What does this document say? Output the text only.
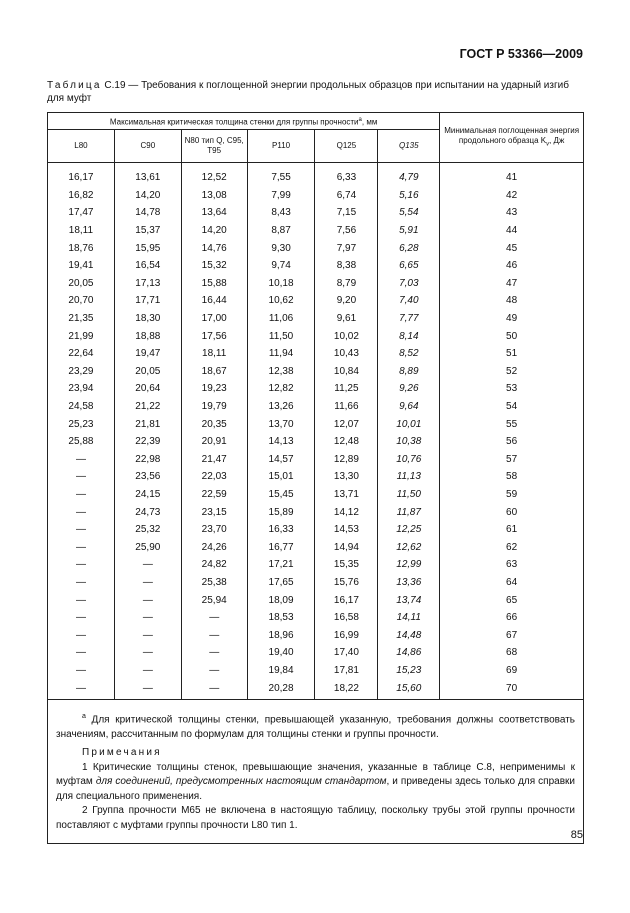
ГОСТ Р 53366—2009
Таблица С.19 — Требования к поглощенной энергии продольных образцов при испытании на ударный изгиб для муфт
Максимальная критическая толщина стенки для группы прочности$^a$, мм						Минимальная поглощенная энергия продольного образца $K_v$, Дж
L80	C90	N80 тип Q, C95, T95	P110	Q125	Q135	
16,17	13,61	12,52	7,55	6,33	4,79	41
16,82	14,20	13,08	7,99	6,74	5,16	42
17,47	14,78	13,64	8,43	7,15	5,54	43
18,11	15,37	14,20	8,87	7,56	5,91	44
18,76	15,95	14,76	9,30	7,97	6,28	45
19,41	16,54	15,32	9,74	8,38	6,65	46
20,05	17,13	15,88	10,18	8,79	7,03	47
20,70	17,71	16,44	10,62	9,20	7,40	48
21,35	18,30	17,00	11,06	9,61	7,77	49
21,99	18,88	17,56	11,50	10,02	8,14	50
22,64	19,47	18,11	11,94	10,43	8,52	51
23,29	20,05	18,67	12,38	10,84	8,89	52
23,94	20,64	19,23	12,82	11,25	9,26	53
24,58	21,22	19,79	13,26	11,66	9,64	54
25,23	21,81	20,35	13,70	12,07	10,01	55
25,88	22,39	20,91	14,13	12,48	10,38	56
—	22,98	21,47	14,57	12,89	10,76	57
—	23,56	22,03	15,01	13,30	11,13	58
—	24,15	22,59	15,45	13,71	11,50	59
—	24,73	23,15	15,89	14,12	11,87	60
—	25,32	23,70	16,33	14,53	12,25	61
—	25,90	24,26	16,77	14,94	12,62	62
—	—	24,82	17,21	15,35	12,99	63
—	—	25,38	17,65	15,76	13,36	64
—	—	25,94	18,09	16,17	13,74	65
—	—	—	18,53	16,58	14,11	66
—	—	—	18,96	16,99	14,48	67
—	—	—	19,40	17,40	14,86	68
—	—	—	19,84	17,81	15,23	69
—	—	—	20,28	18,22	15,60	70

$^a$ Для критической толщины стенки, превышающей указанную, требования должны соответствовать значениям, рассчитанным по формулам для толщины стенки и группы прочности.

Примечания

1 Критические толщины стенок, превышающие значения, указанные в таблице С.8, неприменимы к муфтам для соединений, предусмотренных настоящим стандартом, и приведены здесь только для справки для специального применения.

2 Группа прочности М65 не включена в настоящую таблицу, поскольку трубы этой группы прочности поставляют с муфтами группы прочности L80 тип 1.						

85
